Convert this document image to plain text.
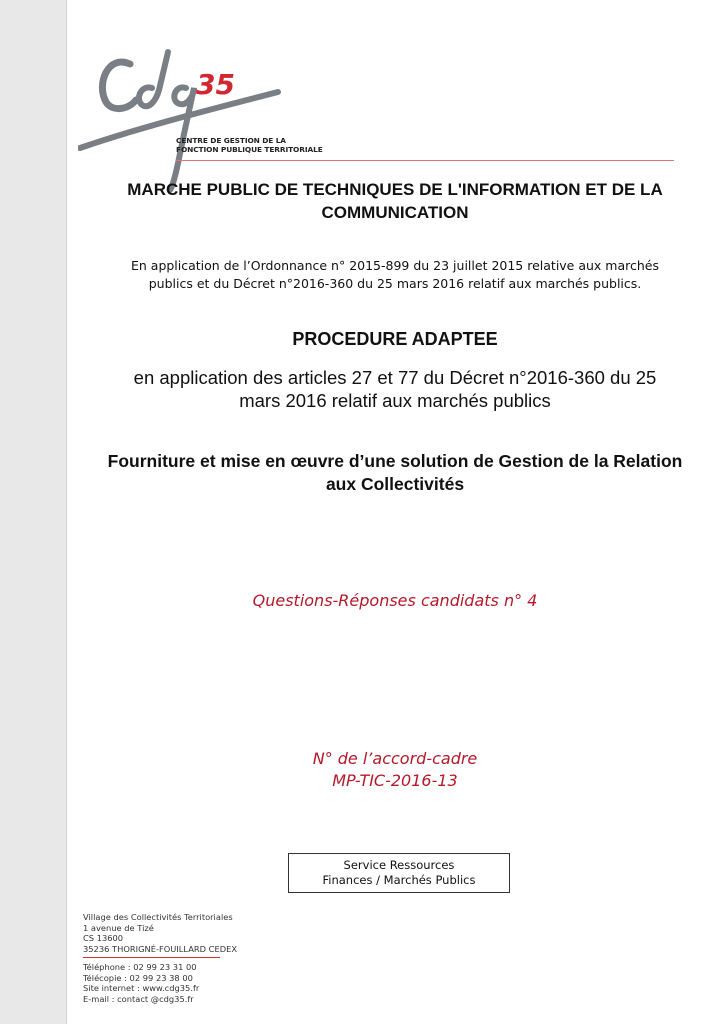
35
CENTRE DE GESTION DE LA
FONCTION PUBLIQUE TERRITORIALE
MARCHE PUBLIC DE TECHNIQUES DE L'INFORMATION ET DE LA
COMMUNICATION
En application de l’Ordonnance n° 2015-899 du 23 juillet 2015 relative aux marchés
publics et du Décret n°2016-360 du 25 mars 2016 relatif aux marchés publics.
PROCEDURE ADAPTEE
en application des articles 27 et 77 du Décret n°2016-360 du 25
mars 2016 relatif aux marchés publics
Fourniture et mise en œuvre d’une solution de Gestion de la Relation
aux Collectivités
Questions-Réponses candidats n° 4
N° de l’accord-cadre
MP-TIC-2016-13
Service Ressources
Finances / Marchés Publics
Village des Collectivités Territoriales
1 avenue de Tizé
CS 13600
35236 THORIGNÉ-FOUILLARD CEDEX
Téléphone : 02 99 23 31 00
Télécopie : 02 99 23 38 00
Site internet : www.cdg35.fr
E-mail : contact @cdg35.fr
